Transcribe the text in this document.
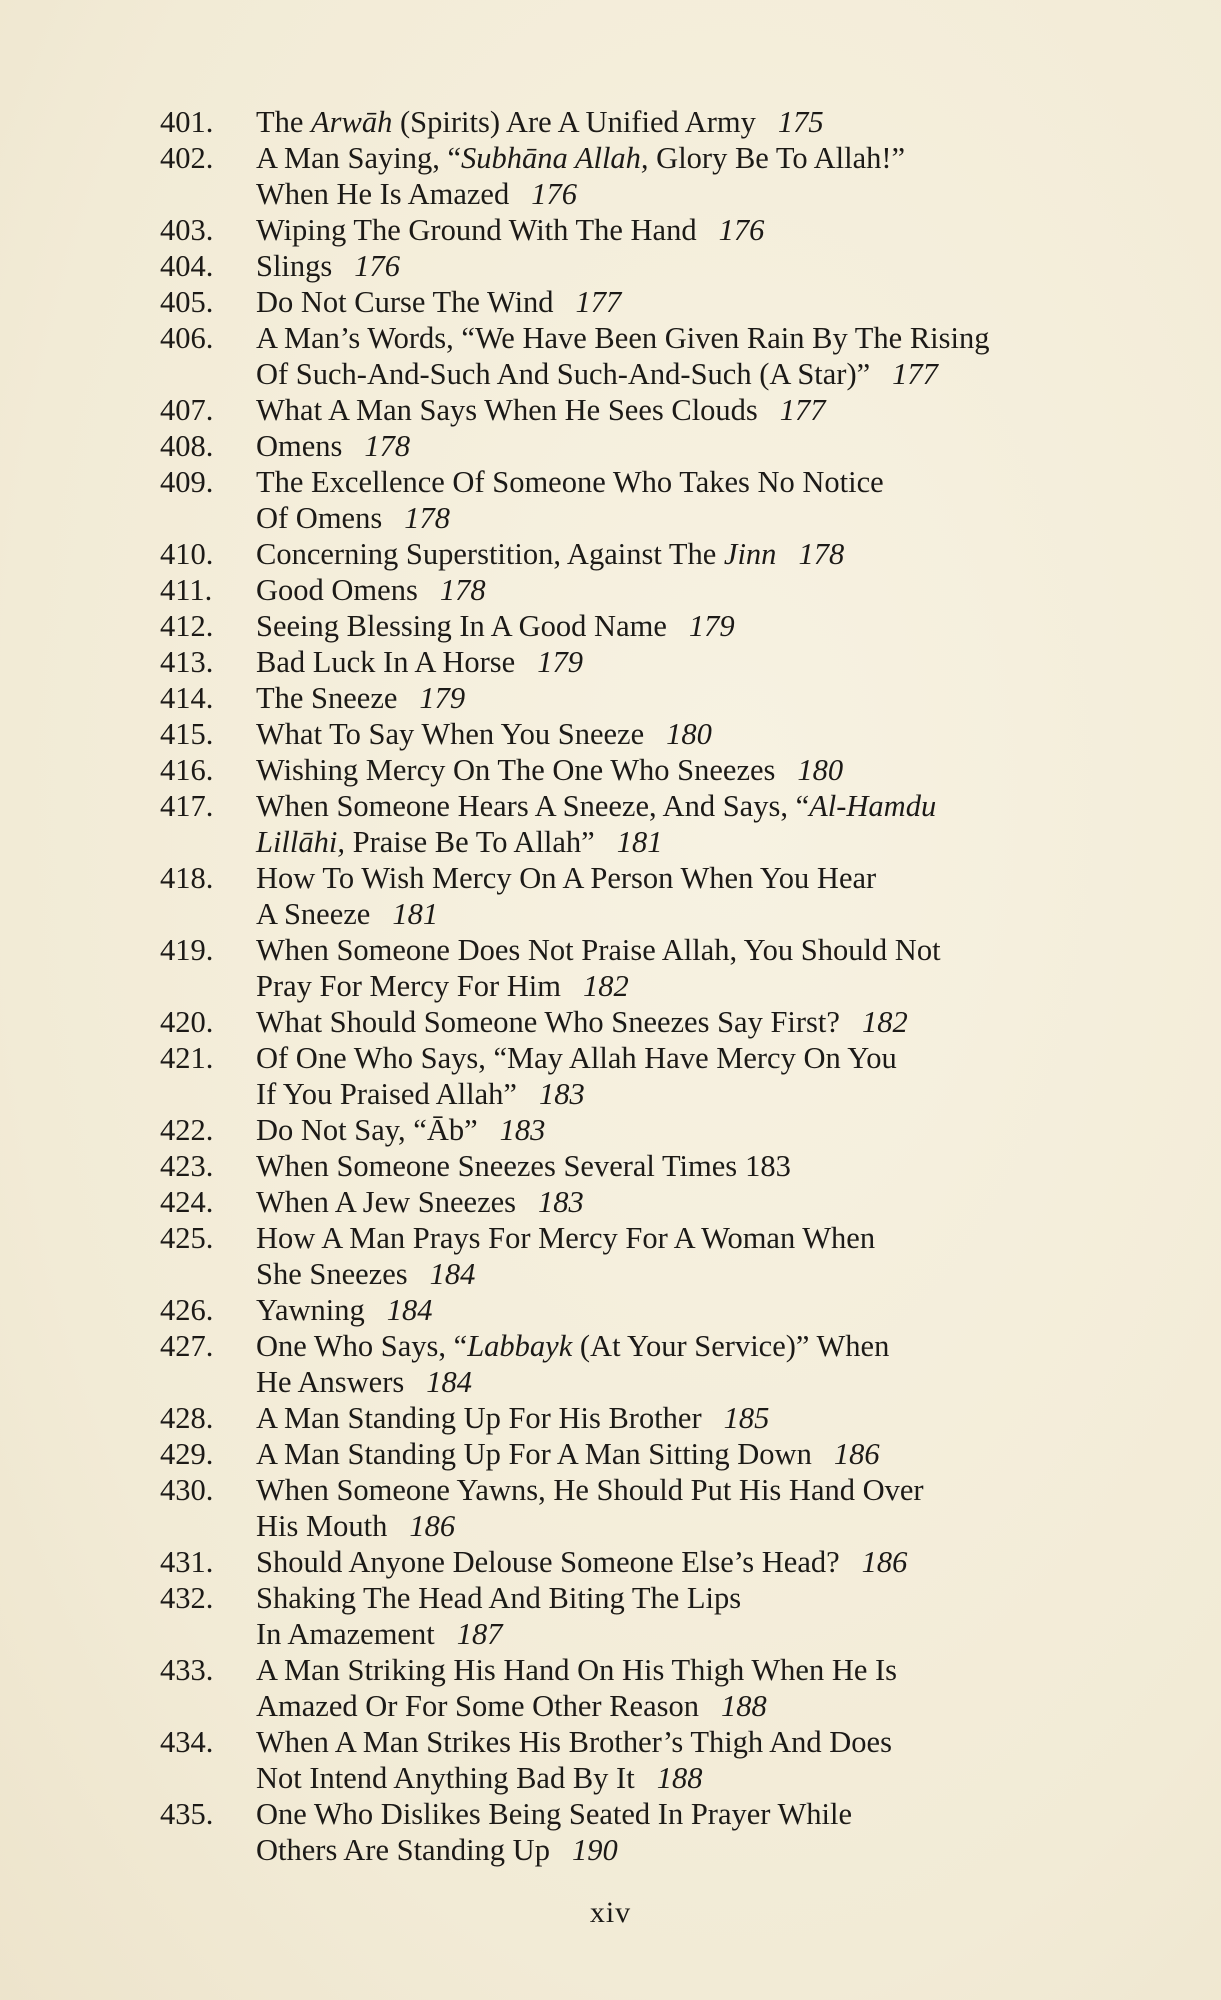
401.	The Arwāh (Spirits) Are A Unified Army 175
402.	A Man Saying, “Subhāna Allah, Glory Be To Allah!”
When He Is Amazed 176
403.	Wiping The Ground With The Hand 176
404.	Slings 176
405.	Do Not Curse The Wind 177
406.	A Man’s Words, “We Have Been Given Rain By The Rising
Of Such-And-Such And Such-And-Such (A Star)” 177
407.	What A Man Says When He Sees Clouds 177
408.	Omens 178
409.	The Excellence Of Someone Who Takes No Notice
Of Omens 178
410.	Concerning Superstition, Against The Jinn 178
411.	Good Omens 178
412.	Seeing Blessing In A Good Name 179
413.	Bad Luck In A Horse 179
414.	The Sneeze 179
415.	What To Say When You Sneeze 180
416.	Wishing Mercy On The One Who Sneezes 180
417.	When Someone Hears A Sneeze, And Says, “Al-Hamdu
Lillāhi, Praise Be To Allah” 181
418.	How To Wish Mercy On A Person When You Hear
A Sneeze 181
419.	When Someone Does Not Praise Allah, You Should Not
Pray For Mercy For Him 182
420.	What Should Someone Who Sneezes Say First? 182
421.	Of One Who Says, “May Allah Have Mercy On You
If You Praised Allah” 183
422.	Do Not Say, “Āb” 183
423.	When Someone Sneezes Several Times 183
424.	When A Jew Sneezes 183
425.	How A Man Prays For Mercy For A Woman When
She Sneezes 184
426.	Yawning 184
427.	One Who Says, “Labbayk (At Your Service)” When
He Answers 184
428.	A Man Standing Up For His Brother 185
429.	A Man Standing Up For A Man Sitting Down 186
430.	When Someone Yawns, He Should Put His Hand Over
His Mouth 186
431.	Should Anyone Delouse Someone Else’s Head? 186
432.	Shaking The Head And Biting The Lips
In Amazement 187
433.	A Man Striking His Hand On His Thigh When He Is
Amazed Or For Some Other Reason 188
434.	When A Man Strikes His Brother’s Thigh And Does
Not Intend Anything Bad By It 188
435.	One Who Dislikes Being Seated In Prayer While
Others Are Standing Up 190
xiv
